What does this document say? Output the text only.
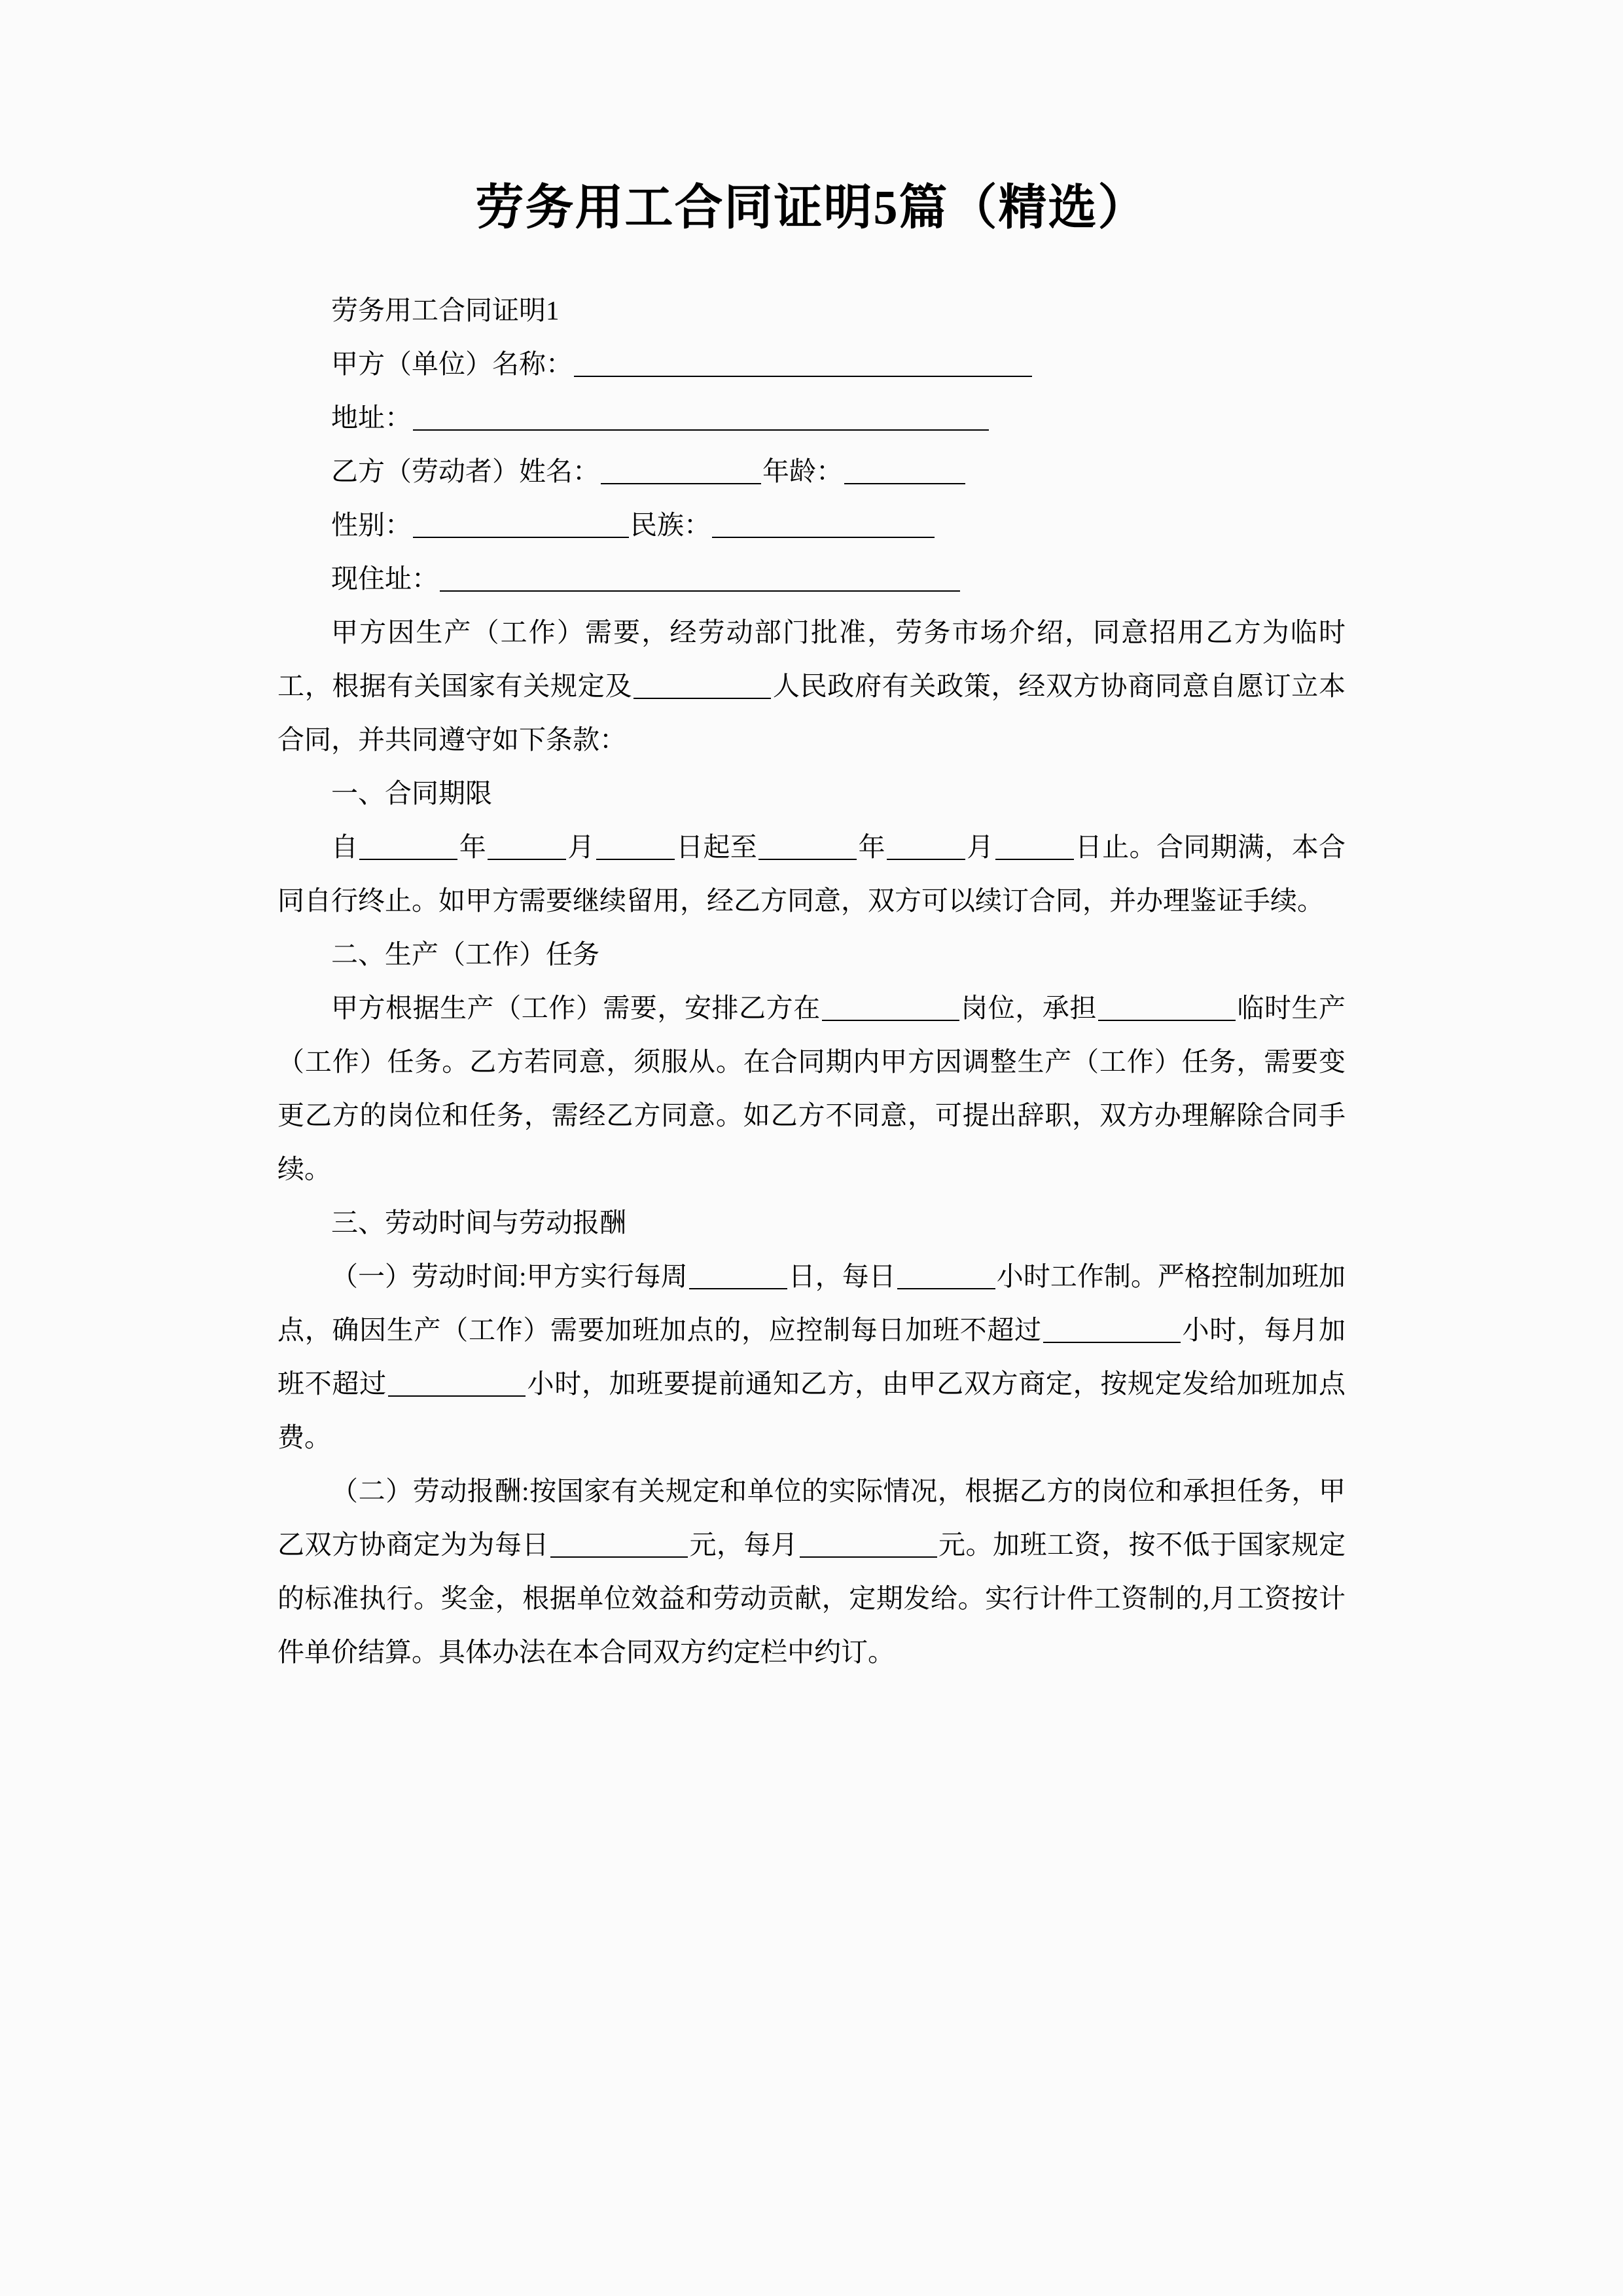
劳务用工合同证明5篇（精选）

劳务用工合同证明1

甲方（单位）名称：

地址：

乙方（劳动者）姓名：	年龄：

性别：	民族：

现住址：

甲方因生产（工作）需要，经劳动部门批准，劳务市场介绍，同意招用乙方为临时工，根据有关国家有关规定及	人民政府有关政策，经双方协商同意自愿订立本合同，并共同遵守如下条款：

一、合同期限

自	年	月	日起至	年	月	日止。合同期满，本合同自行终止。如甲方需要继续留用，经乙方同意，双方可以续订合同，并办理鉴证手续。

二、生产（工作）任务

甲方根据生产（工作）需要，安排乙方在	岗位，承担	临时生产（工作）任务。乙方若同意，须服从。在合同期内甲方因调整生产（工作）任务，需要变更乙方的岗位和任务，需经乙方同意。如乙方不同意，可提出辞职，双方办理解除合同手续。

三、劳动时间与劳动报酬

（一）劳动时间:甲方实行每周	日，每日	小时工作制。严格控制加班加点，确因生产（工作）需要加班加点的，应控制每日加班不超过	小时，每月加班不超过	小时，加班要提前通知乙方，由甲乙双方商定，按规定发给加班加点费。

（二）劳动报酬:按国家有关规定和单位的实际情况，根据乙方的岗位和承担任务，甲乙双方协商定为为每日	元，每月	元。加班工资，按不低于国家规定的标准执行。奖金，根据单位效益和劳动贡献，定期发给。实行计件工资制的,月工资按计件单价结算。具体办法在本合同双方约定栏中约订。
